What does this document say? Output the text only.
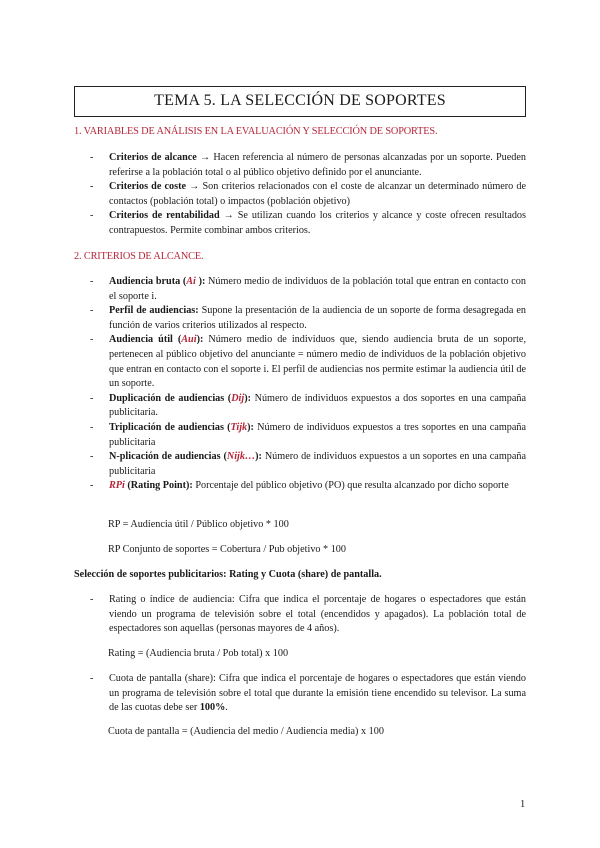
TEMA 5. LA SELECCIÓN DE SOPORTES
1. VARIABLES DE ANÁLISIS EN LA EVALUACIÓN Y SELECCIÓN DE SOPORTES.
- Criterios de alcance → Hacen referencia al número de personas alcanzadas por un soporte. Pueden referirse a la población total o al público objetivo definido por el anunciante.
- Criterios de coste → Son criterios relacionados con el coste de alcanzar un determinado número de contactos (población total) o impactos (población objetivo)
- Criterios de rentabilidad → Se utilizan cuando los criterios y alcance y coste ofrecen resultados contrapuestos. Permite combinar ambos criterios.
2. CRITERIOS DE ALCANCE.
- Audiencia bruta (Ai ): Número medio de individuos de la población total que entran en contacto con el soporte i.
- Perfil de audiencias: Supone la presentación de la audiencia de un soporte de forma desagregada en función de varios criterios utilizados al respecto.
- Audiencia útil (Aui): Número medio de individuos que, siendo audiencia bruta de un soporte, pertenecen al público objetivo del anunciante = número medio de individuos de la población objetivo que entran en contacto con el soporte i. El perfil de audiencias nos permite estimar la audiencia útil de un soporte.
- Duplicación de audiencias (Dij): Número de individuos expuestos a dos soportes en una campaña publicitaria.
- Triplicación de audiencias (Tijk): Número de individuos expuestos a tres soportes en una campaña publicitaria
- N-plicación de audiencias (Nijk…): Número de individuos expuestos a un soportes en una campaña publicitaria
- RPi (Rating Point): Porcentaje del público objetivo (PO) que resulta alcanzado por dicho soporte
RP = Audiencia útil / Público objetivo * 100
RP Conjunto de soportes = Cobertura / Pub objetivo * 100
Selección de soportes publicitarios: Rating y Cuota (share) de pantalla.
- Rating o índice de audiencia: Cifra que indica el porcentaje de hogares o espectadores que están viendo un programa de televisión sobre el total (encendidos y apagados). La población total de espectadores son aquellas (personas mayores de 4 años).
Rating = (Audiencia bruta / Pob total) x 100
- Cuota de pantalla (share): Cifra que indica el porcentaje de hogares o espectadores que están viendo un programa de televisión sobre el total que durante la emisión tiene encendido su televisor. La suma de las cuotas debe ser 100%.
Cuota de pantalla = (Audiencia del medio / Audiencia media) x 100
1
